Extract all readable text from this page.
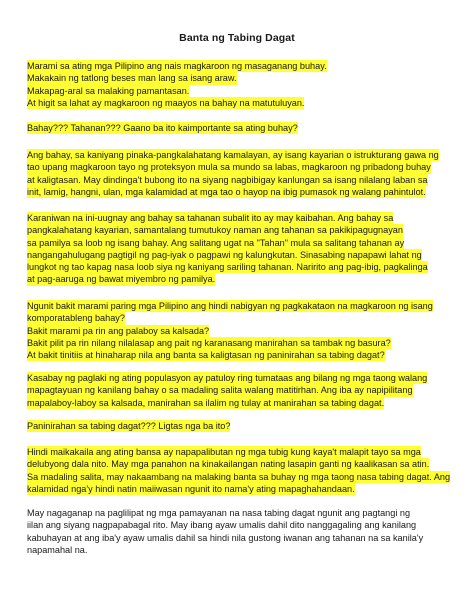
Banta ng Tabing Dagat
Marami sa ating mga Pilipino ang nais magkaroon ng masaganang buhay.
Makakain ng tatlong beses man lang sa isang araw.
Makapag-aral sa malaking pamantasan.
At higit sa lahat ay magkaroon ng maayos na bahay na matutuluyan.
Bahay??? Tahanan??? Gaano ba ito kaimportante sa ating buhay?
Ang bahay, sa kaniyang pinaka-pangkalahatang kamalayan, ay isang kayarian o istrukturang gawa ng
tao upang magkaroon tayo ng proteksyon mula sa mundo sa labas, magkaroon ng pribadong buhay
at kaligtasan. May dindinga't bubong ito na siyang nagbibigay kanlungan sa isang nilalang laban sa
init, lamig, hangni, ulan, mga kalamidad at mga tao o hayop na ibig pumasok ng walang pahintulot.
Karaniwan na ini-uugnay ang bahay sa tahanan subalit ito ay may kaibahan. Ang bahay sa
pangkalahatang kayarian, samantalang tumutukoy naman ang tahanan sa pakikipagugnayan
sa pamilya sa loob ng isang bahay. Ang salitang ugat na "Tahan" mula sa salitang tahanan ay
nangangahulugang pagtigil ng pag-iyak o pagpawi ng kalungkutan. Sinasabing napapawi lahat ng
lungkot ng tao kapag nasa loob siya ng kaniyang sariling tahanan. Naririto ang pag-ibig, pagkalinga
at pag-aaruga ng bawat miyembro ng pamilya.
Ngunit bakit marami paring mga Pilipino ang hindi nabigyan ng pagkakataon na magkaroon ng isang
komporatableng bahay?
Bakit marami pa rin ang palaboy sa kalsada?
Bakit pilit pa rin nilang nilalasap ang pait ng karanasang manirahan sa tambak ng basura?
At bakit tinitiis at hinaharap nila ang banta sa kaligtasan ng paninirahan sa tabing dagat?
Kasabay ng paglaki ng ating populasyon ay patuloy ring tumataas ang bilang ng mga taong walang
mapagtayuan ng kanilang bahay o sa madaling salita walang matitirhan. Ang iba ay napipilitang
mapalaboy-laboy sa kalsada, manirahan sa ilalim ng tulay at manirahan sa tabing dagat.
Paninirahan sa tabing dagat??? Ligtas nga ba ito?
Hindi maikakaila ang ating bansa ay napapalibutan ng mga tubig kung kaya't malapit tayo sa mga
delubyong dala nito. May mga panahon na kinakailangan nating lasapin ganti ng kaalikasan sa atin.
Sa madaling salita, may nakaambang na malaking banta sa buhay ng mga taong nasa tabing dagat. Ang
kalamidad nga'y hindi natin maiiwasan ngunit ito nama'y ating mapaghahandaan.
May nagaganap na paglilipat ng mga pamayanan na nasa tabing dagat ngunit ang pagtangi ng
iilan ang siyang nagpapabagal rito. May ibang ayaw umalis dahil dito nanggagaling ang kanilang
kabuhayan at ang iba'y ayaw umalis dahil sa hindi nila gustong iwanan ang tahanan na sa kanila'y
napamahal na.
